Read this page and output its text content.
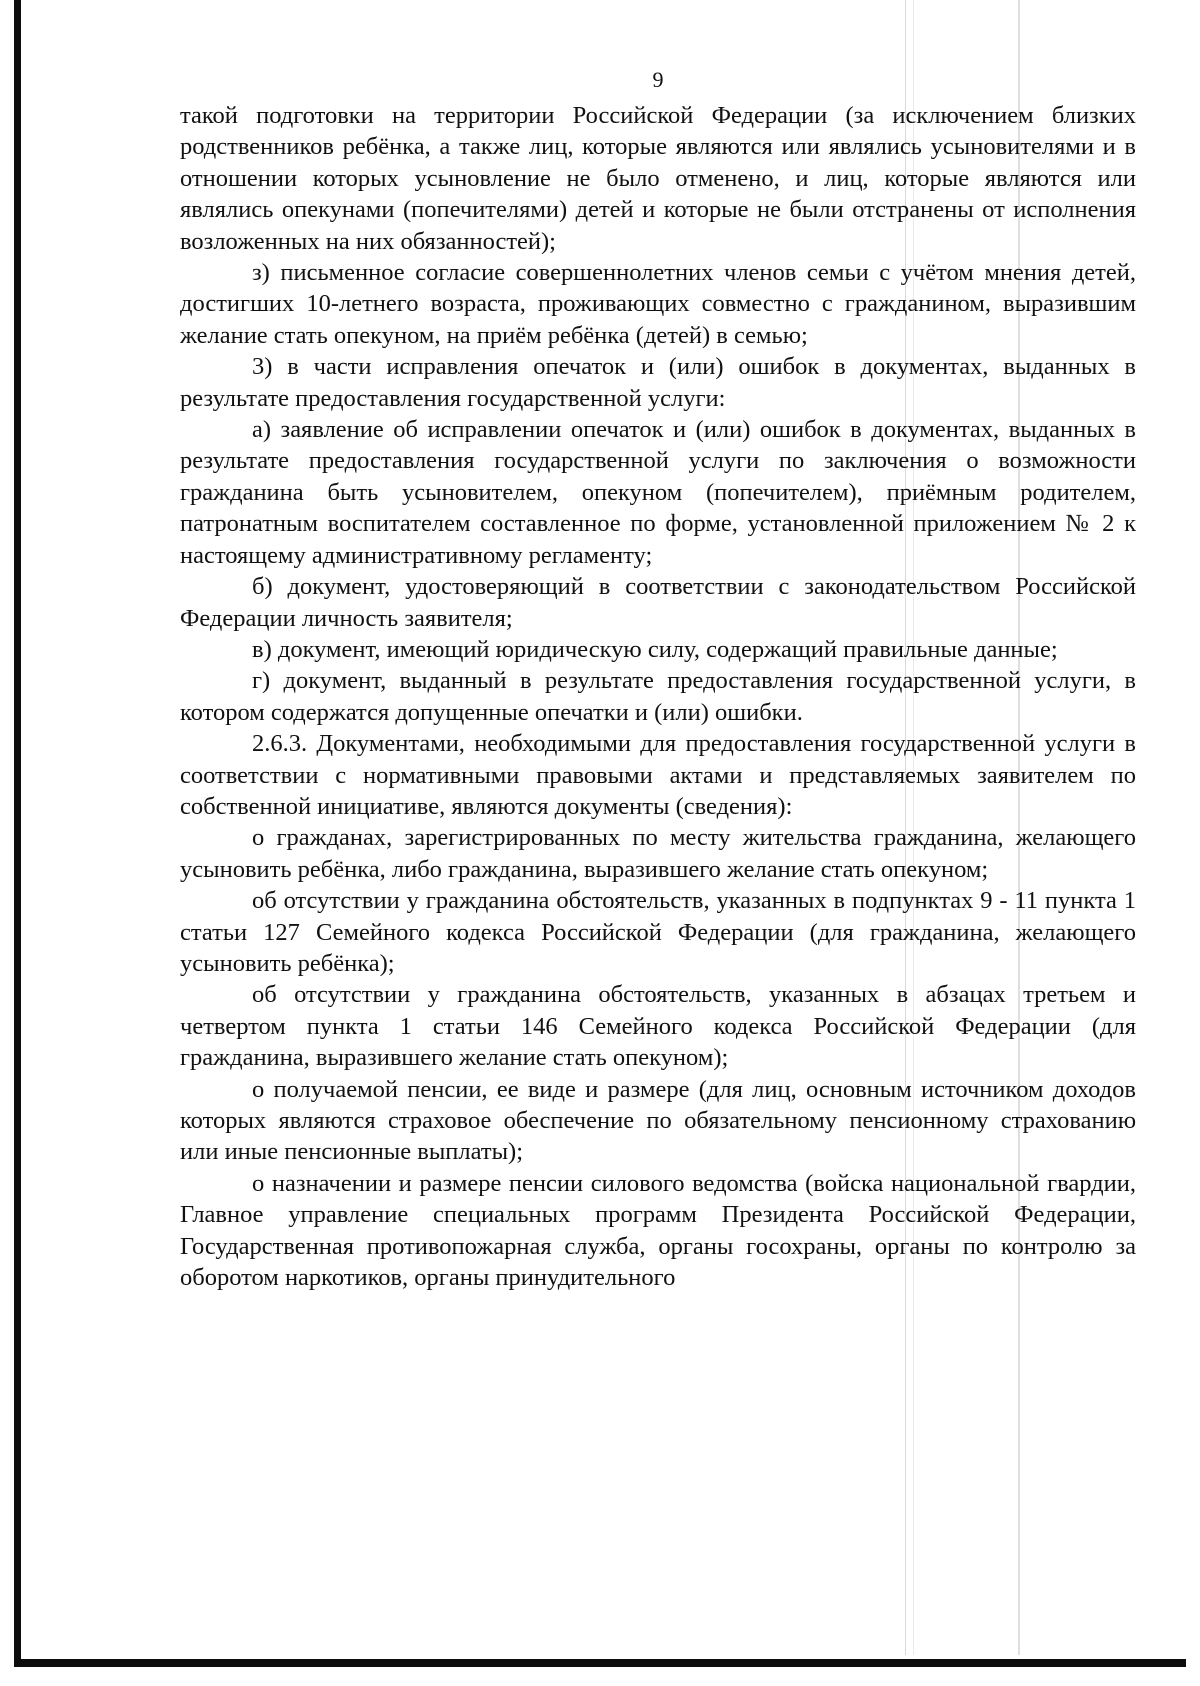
9

такой подготовки на территории Российской Федерации (за исключением близких родственников ребёнка, а также лиц, которые являются или являлись усыновителями и в отношении которых усыновление не было отменено, и лиц, которые являются или являлись опекунами (попечителями) детей и которые не были отстранены от исполнения возложенных на них обязанностей);

з) письменное согласие совершеннолетних членов семьи с учётом мнения детей, достигших 10-летнего возраста, проживающих совместно с гражданином, выразившим желание стать опекуном, на приём ребёнка (детей) в семью;

3) в части исправления опечаток и (или) ошибок в документах, выданных в результате предоставления государственной услуги:

а) заявление об исправлении опечаток и (или) ошибок в документах, выданных в результате предоставления государственной услуги по заключения о возможности гражданина быть усыновителем, опекуном (попечителем), приёмным родителем, патронатным воспитателем составленное по форме, установленной приложением № 2 к настоящему административному регламенту;

б) документ, удостоверяющий в соответствии с законодательством Российской Федерации личность заявителя;

в) документ, имеющий юридическую силу, содержащий правильные данные;

г) документ, выданный в результате предоставления государственной услуги, в котором содержатся допущенные опечатки и (или) ошибки.

2.6.3. Документами, необходимыми для предоставления государственной услуги в соответствии с нормативными правовыми актами и представляемых заявителем по собственной инициативе, являются документы (сведения):

о гражданах, зарегистрированных по месту жительства гражданина, желающего усыновить ребёнка, либо гражданина, выразившего желание стать опекуном;

об отсутствии у гражданина обстоятельств, указанных в подпунктах 9 - 11 пункта 1 статьи 127 Семейного кодекса Российской Федерации (для гражданина, желающего усыновить ребёнка);

об отсутствии у гражданина обстоятельств, указанных в абзацах третьем и четвертом пункта 1 статьи 146 Семейного кодекса Российской Федерации (для гражданина, выразившего желание стать опекуном);

о получаемой пенсии, ее виде и размере (для лиц, основным источником доходов которых являются страховое обеспечение по обязательному пенсионному страхованию или иные пенсионные выплаты);

о назначении и размере пенсии силового ведомства (войска национальной гвардии, Главное управление специальных программ Президента Российской Федерации, Государственная противопожарная служба, органы госохраны, органы по контролю за оборотом наркотиков, органы принудительного
